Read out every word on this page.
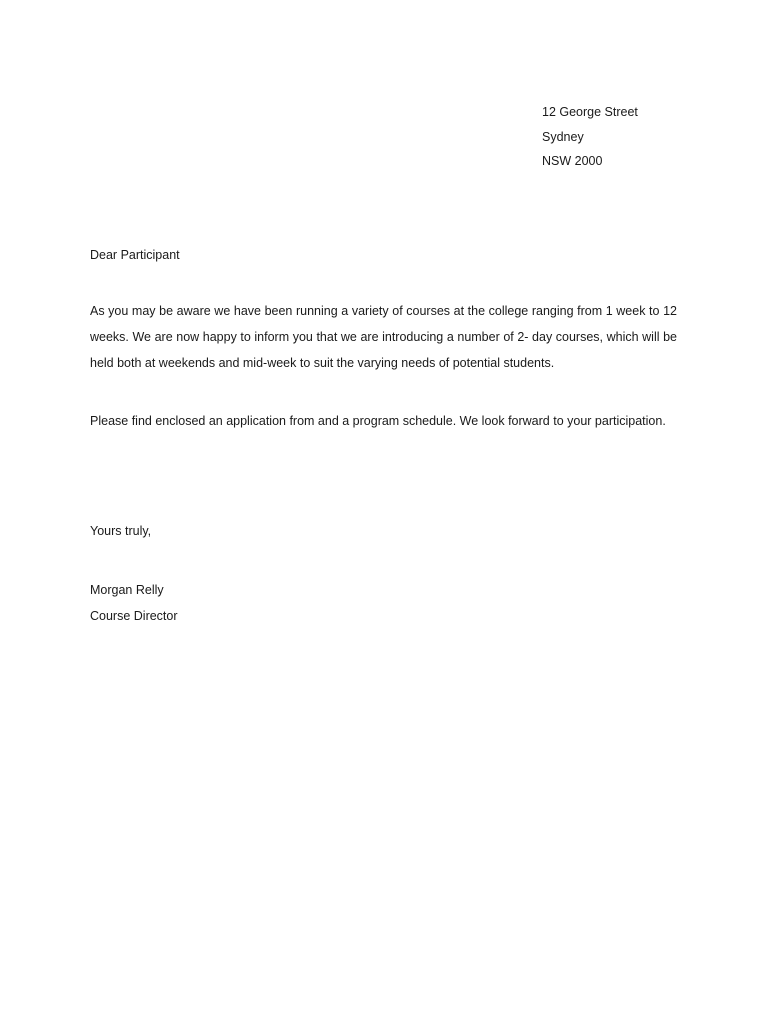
12 George Street
Sydney
NSW 2000
Dear Participant

As you may be aware we have been running a variety of courses at the college ranging from 1 week to 12 weeks. We are now happy to inform you that we are introducing a number of 2- day courses, which will be held both at weekends and mid-week to suit the varying needs of potential students.

Please find enclosed an application from and a program schedule. We look forward to your participation.

Yours truly,
Morgan Relly
Course Director
